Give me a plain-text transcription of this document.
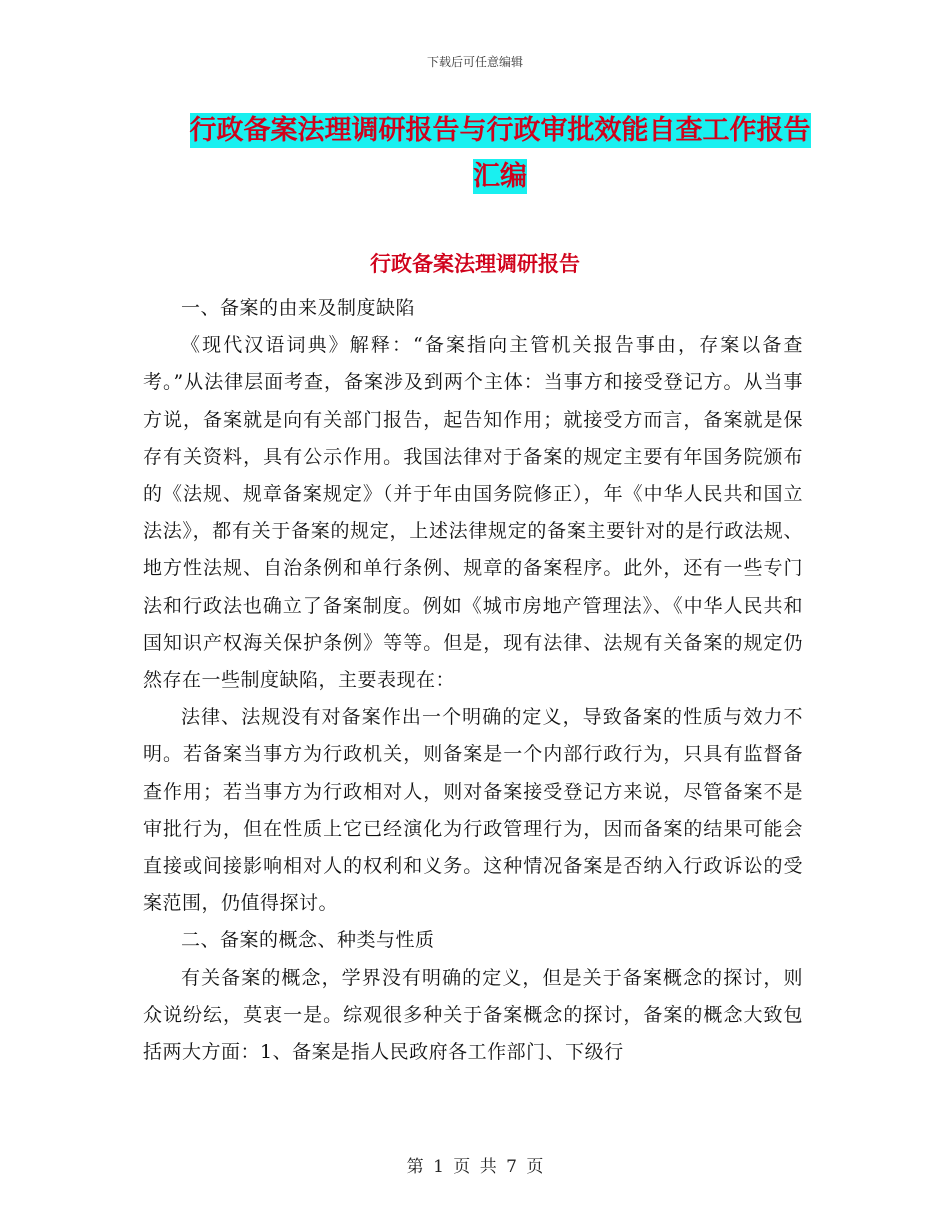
下载后可任意编辑
行政备案法理调研报告与行政审批效能自查工作报告
汇编
行政备案法理调研报告

一、备案的由来及制度缺陷

《现代汉语词典》解释：“备案指向主管机关报告事由，存案以备查考。”从法律层面考查，备案涉及到两个主体：当事方和接受登记方。从当事方说，备案就是向有关部门报告，起告知作用；就接受方而言，备案就是保存有关资料，具有公示作用。我国法律对于备案的规定主要有年国务院颁布的《法规、规章备案规定》（并于年由国务院修正），年《中华人民共和国立法法》，都有关于备案的规定，上述法律规定的备案主要针对的是行政法规、地方性法规、自治条例和单行条例、规章的备案程序。此外，还有一些专门法和行政法也确立了备案制度。例如《城市房地产管理法》、《中华人民共和国知识产权海关保护条例》等等。但是，现有法律、法规有关备案的规定仍然存在一些制度缺陷，主要表现在：

法律、法规没有对备案作出一个明确的定义，导致备案的性质与效力不明。若备案当事方为行政机关，则备案是一个内部行政行为，只具有监督备查作用；若当事方为行政相对人，则对备案接受登记方来说，尽管备案不是审批行为，但在性质上它已经演化为行政管理行为，因而备案的结果可能会直接或间接影响相对人的权利和义务。这种情况备案是否纳入行政诉讼的受案范围，仍值得探讨。

二、备案的概念、种类与性质

有关备案的概念，学界没有明确的定义，但是关于备案概念的探讨，则众说纷纭，莫衷一是。综观很多种关于备案概念的探讨，备案的概念大致包括两大方面：1、备案是指人民政府各工作部门、下级行

第 1 页 共 7 页
